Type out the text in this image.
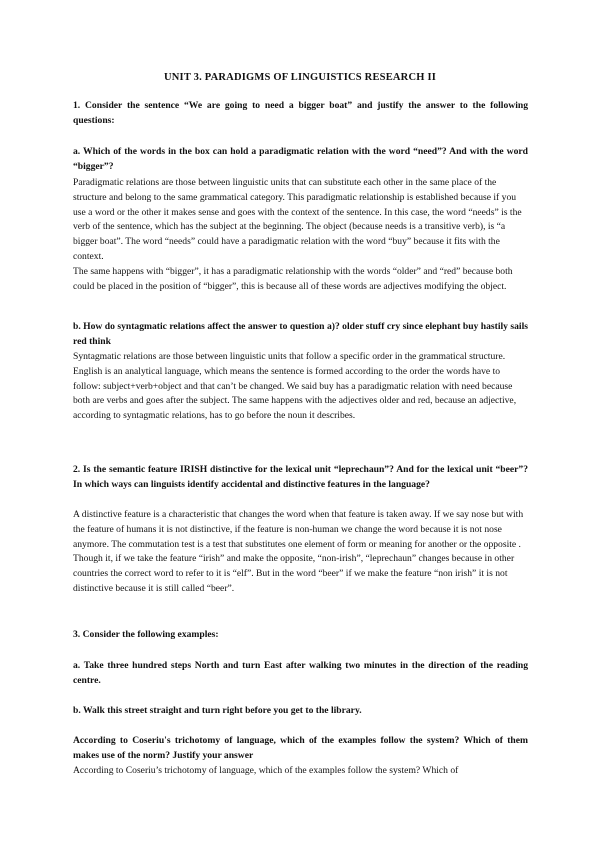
UNIT 3. PARADIGMS OF LINGUISTICS RESEARCH II

1. Consider the sentence “We are going to need a bigger boat” and justify the answer to the following questions:

a. Which of the words in the box can hold a paradigmatic relation with the word “need”? And with the word “bigger”?

Paradigmatic relations are those between linguistic units that can substitute each other in the same place of the structure and belong to the same grammatical category. This paradigmatic relationship is established because if you use a word or the other it makes sense and goes with the context of the sentence. In this case, the word “needs” is the verb of the sentence, which has the subject at the beginning. The object (because needs is a transitive verb), is “a bigger boat”. The word “needs” could have a paradigmatic relation with the word “buy” because it fits with the context.

The same happens with “bigger”, it has a paradigmatic relationship with the words “older” and “red” because both could be placed in the position of “bigger”, this is because all of these words are adjectives modifying the object.

b. How do syntagmatic relations affect the answer to question a)? older stuff cry since elephant buy hastily sails red think

Syntagmatic relations are those between linguistic units that follow a specific order in the grammatical structure. English is an analytical language, which means the sentence is formed according to the order the words have to follow: subject+verb+object and that can’t be changed. We said buy has a paradigmatic relation with need because both are verbs and goes after the subject. The same happens with the adjectives older and red, because an adjective, according to syntagmatic relations, has to go before the noun it describes.

2. Is the semantic feature IRISH distinctive for the lexical unit “leprechaun”? And for the lexical unit “beer”? In which ways can linguists identify accidental and distinctive features in the language?

A distinctive feature is a characteristic that changes the word when that feature is taken away. If we say nose but with the feature of humans it is not distinctive, if the feature is non-human we change the word because it is not nose anymore. The commutation test is a test that substitutes one element of form or meaning for another or the opposite . Though it, if we take the feature “irish” and make the opposite, “non-irish”, “leprechaun” changes because in other countries the correct word to refer to it is “elf”. But in the word “beer” if we make the feature “non irish” it is not distinctive because it is still called “beer”.

3. Consider the following examples:

a. Take three hundred steps North and turn East after walking two minutes in the direction of the reading centre.

b. Walk this street straight and turn right before you get to the library.

According to Coseriu's trichotomy of language, which of the examples follow the system? Which of them makes use of the norm? Justify your answer

According to Coseriu’s trichotomy of language, which of the examples follow the system? Which of
